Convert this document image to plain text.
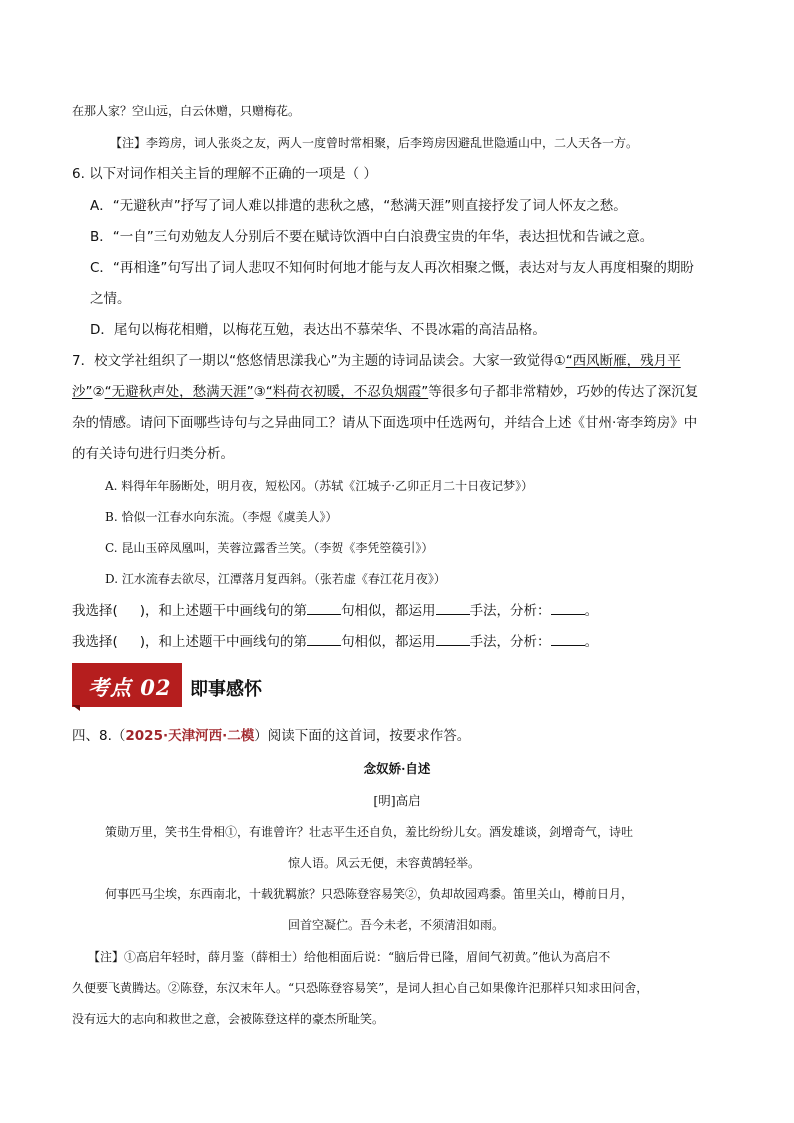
在那人家？空山远，白云休赠，只赠梅花。
【注】李筠房，词人张炎之友，两人一度曾时常相聚，后李筠房因避乱世隐遁山中，二人天各一方。
6. 以下对词作相关主旨的理解不正确的一项是（ ）
A．“无避秋声”抒写了词人难以排遣的悲秋之感，“愁满天涯”则直接抒发了词人怀友之愁。
B．“一自”三句劝勉友人分别后不要在赋诗饮酒中白白浪费宝贵的年华，表达担忧和告诫之意。
C．“再相逢”句写出了词人悲叹不知何时何地才能与友人再次相聚之慨，表达对与友人再度相聚的期盼
之情。
D．尾句以梅花相赠，以梅花互勉，表达出不慕荣华、不畏冰霜的高洁品格。
7．校文学社组织了一期以“悠悠情思漾我心”为主题的诗词品读会。大家一致觉得①“西风断雁，残月平
沙”②“无避秋声处，愁满天涯”③“料荷衣初暖，不忍负烟霞”等很多句子都非常精妙，巧妙的传达了深沉复
杂的情感。请问下面哪些诗句与之异曲同工？请从下面选项中任选两句，并结合上述《甘州·寄李筠房》中
的有关诗句进行归类分析。
A. 料得年年肠断处，明月夜，短松冈。（苏轼《江城子·乙卯正月二十日夜记梦》）
B. 恰似一江春水向东流。（李煜《虞美人》）
C. 昆山玉碎凤凰叫，芙蓉泣露香兰笑。（李贺《李凭箜篌引》）
D. 江水流春去欲尽，江潭落月复西斜。（张若虚《春江花月夜》）
我选择( )，和上述题干中画线句的第	句相似，都运用	手法，分析：	。
我选择( )，和上述题干中画线句的第	句相似，都运用	手法，分析：	。
考点 02 即事感怀
四、8.（2025·天津河西·二模）阅读下面的这首词，按要求作答。
念奴娇·自述
[明]高启
策勋万里，笑书生骨相①，有谁曾许？壮志平生还自负，羞比纷纷儿女。酒发雄谈，剑增奇气，诗吐
惊人语。风云无便，未容黄鹄轻举。
何事匹马尘埃，东西南北，十载犹羁旅？只恐陈登容易笑②，负却故园鸡黍。笛里关山，樽前日月，
回首空凝伫。吾今未老，不须清泪如雨。
【注】①高启年轻时，薛月鉴（薛相士）给他相面后说：“脑后骨已隆，眉间气初黄。”他认为高启不
久便要飞黄腾达。②陈登，东汉末年人。“只恐陈登容易笑”，是词人担心自己如果像许汜那样只知求田问舍，
没有远大的志向和救世之意，会被陈登这样的豪杰所耻笑。
